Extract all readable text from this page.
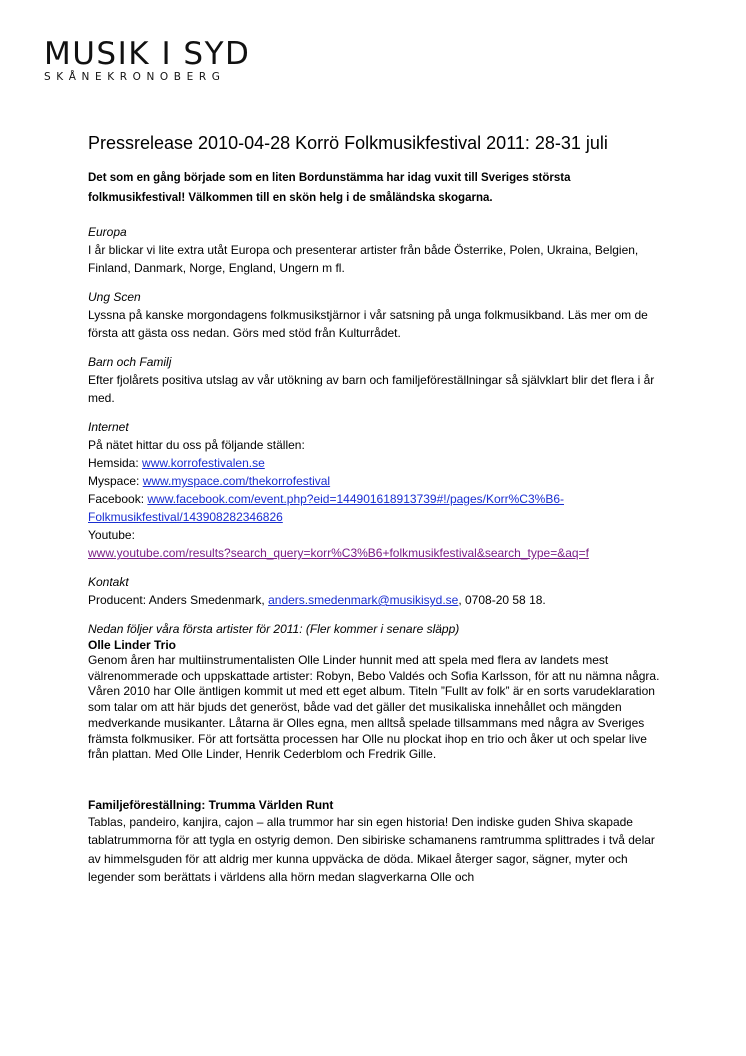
MUSIK I SYD
SKÅNEKRONOBERG
Pressrelease 2010-04-28 Korrö Folkmusikfestival 2011: 28-31 juli

Det som en gång började som en liten Bordunstämma har idag vuxit till Sveriges största folkmusikfestival! Välkommen till en skön helg i de småländska skogarna.

Europa

I år blickar vi lite extra utåt Europa och presenterar artister från både Österrike, Polen, Ukraina, Belgien, Finland, Danmark, Norge, England, Ungern m fl.

Ung Scen

Lyssna på kanske morgondagens folkmusikstjärnor i vår satsning på unga folkmusikband. Läs mer om de första att gästa oss nedan. Görs med stöd från Kulturrådet.

Barn och Familj

Efter fjolårets positiva utslag av vår utökning av barn och familjeföreställningar så självklart blir det flera i år med.

Internet

På nätet hittar du oss på följande ställen:

Hemsida: www.korrofestivalen.se

Myspace: www.myspace.com/thekorrofestival

Facebook: www.facebook.com/event.php?eid=144901618913739#!/pages/Korr%C3%B6-

Folkmusikfestival/143908282346826

Youtube:

www.youtube.com/results?search_query=korr%C3%B6+folkmusikfestival&search_type=&aq=f

Kontakt

Producent: Anders Smedenmark, anders.smedenmark@musikisyd.se, 0708-20 58 18.

Nedan följer våra första artister för 2011: (Fler kommer i senare släpp)

Olle Linder Trio

Genom åren har multiinstrumentalisten Olle Linder hunnit med att spela med flera av landets mest välrenommerade och uppskattade artister: Robyn, Bebo Valdés och Sofia Karlsson, för att nu nämna några. Våren 2010 har Olle äntligen kommit ut med ett eget album. Titeln ”Fullt av folk” är en sorts varudeklaration som talar om att här bjuds det generöst, både vad det gäller det musikaliska innehållet och mängden medverkande musikanter. Låtarna är Olles egna, men alltså spelade tillsammans med några av Sveriges främsta folkmusiker. För att fortsätta processen har Olle nu plockat ihop en trio och åker ut och spelar live från plattan. Med Olle Linder, Henrik Cederblom och Fredrik Gille.

Familjeföreställning: Trumma Världen Runt

Tablas, pandeiro, kanjira, cajon – alla trummor har sin egen historia! Den indiske guden Shiva skapade tablatrummorna för att tygla en ostyrig demon. Den sibiriske schamanens ramtrumma splittrades i två delar av himmelsguden för att aldrig mer kunna uppväcka de döda. Mikael återger sagor, sägner, myter och legender som berättats i världens alla hörn medan slagverkarna Olle och
